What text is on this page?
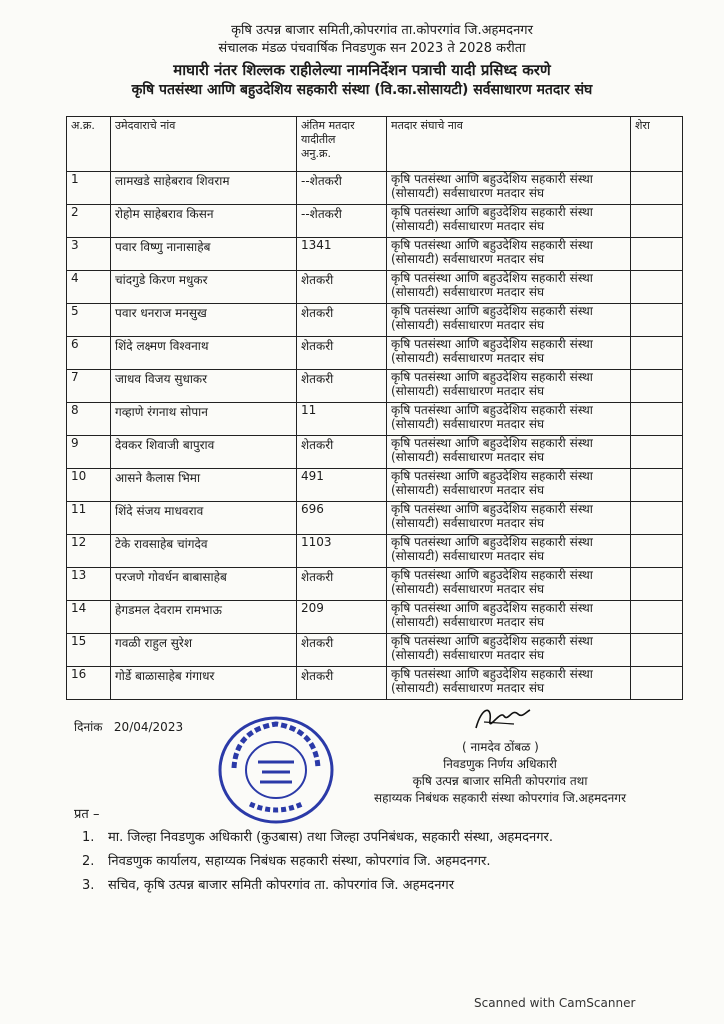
कृषि उत्पन्न बाजार समिती,कोपरगांव ता.कोपरगांव जि.अहमदनगर
संचालक मंडळ पंचवार्षिक निवडणुक सन 2023 ते 2028 करीता
माघारी नंतर शिल्लक राहीलेल्या नामनिर्देशन पत्राची यादी प्रसिध्द करणे
कृषि पतसंस्था आणि बहुउदेशिय सहकारी संस्था (वि.का.सोसायटी) सर्वसाधारण मतदार संघ
अ.क्र.	उमेदवाराचे नांव	अंतिम मतदार
यादीतील
अनु.क्र.	मतदार संघाचे नाव	शेरा
1	लामखडे साहेबराव शिवराम	--शेतकरी	कृषि पतसंस्था आणि बहुउदेशिय सहकारी संस्था
(सोसायटी) सर्वसाधारण मतदार संघ	

2	रोहोम साहेबराव किसन	--शेतकरी	कृषि पतसंस्था आणि बहुउदेशिय सहकारी संस्था
(सोसायटी) सर्वसाधारण मतदार संघ	

3	पवार विष्णु नानासाहेब	1341	कृषि पतसंस्था आणि बहुउदेशिय सहकारी संस्था
(सोसायटी) सर्वसाधारण मतदार संघ	

4	चांदगुडे किरण मधुकर	शेतकरी	कृषि पतसंस्था आणि बहुउदेशिय सहकारी संस्था
(सोसायटी) सर्वसाधारण मतदार संघ	

5	पवार धनराज मनसुख	शेतकरी	कृषि पतसंस्था आणि बहुउदेशिय सहकारी संस्था
(सोसायटी) सर्वसाधारण मतदार संघ	

6	शिंदे लक्ष्मण विश्वनाथ	शेतकरी	कृषि पतसंस्था आणि बहुउदेशिय सहकारी संस्था
(सोसायटी) सर्वसाधारण मतदार संघ	

7	जाधव विजय सुधाकर	शेतकरी	कृषि पतसंस्था आणि बहुउदेशिय सहकारी संस्था
(सोसायटी) सर्वसाधारण मतदार संघ	

8	गव्हाणे रंगनाथ सोपान	11	कृषि पतसंस्था आणि बहुउदेशिय सहकारी संस्था
(सोसायटी) सर्वसाधारण मतदार संघ	

9	देवकर शिवाजी बापुराव	शेतकरी	कृषि पतसंस्था आणि बहुउदेशिय सहकारी संस्था
(सोसायटी) सर्वसाधारण मतदार संघ	

10	आसने कैलास भिमा	491	कृषि पतसंस्था आणि बहुउदेशिय सहकारी संस्था
(सोसायटी) सर्वसाधारण मतदार संघ	

11	शिंदे संजय माधवराव	696	कृषि पतसंस्था आणि बहुउदेशिय सहकारी संस्था
(सोसायटी) सर्वसाधारण मतदार संघ	

12	टेके रावसाहेब चांगदेव	1103	कृषि पतसंस्था आणि बहुउदेशिय सहकारी संस्था
(सोसायटी) सर्वसाधारण मतदार संघ	

13	परजणे गोवर्धन बाबासाहेब	शेतकरी	कृषि पतसंस्था आणि बहुउदेशिय सहकारी संस्था
(सोसायटी) सर्वसाधारण मतदार संघ	

14	हेगडमल देवराम रामभाऊ	209	कृषि पतसंस्था आणि बहुउदेशिय सहकारी संस्था
(सोसायटी) सर्वसाधारण मतदार संघ	

15	गवळी राहुल सुरेश	शेतकरी	कृषि पतसंस्था आणि बहुउदेशिय सहकारी संस्था
(सोसायटी) सर्वसाधारण मतदार संघ	

16	गोर्डे बाळासाहेब गंगाधर	शेतकरी	कृषि पतसंस्था आणि बहुउदेशिय सहकारी संस्था
(सोसायटी) सर्वसाधारण मतदार संघ	

दिनांक 20/04/2023
( नामदेव ठोंबळ )
निवडणुक निर्णय अधिकारी
कृषि उत्पन्न बाजार समिती कोपरगांव तथा
सहाय्यक निबंधक सहकारी संस्था कोपरगांव जि.अहमदनगर
प्रत –
1. मा. जिल्हा निवडणुक अधिकारी (कुउबास) तथा जिल्हा उपनिबंधक, सहकारी संस्था, अहमदनगर.
2. निवडणुक कार्यालय, सहाय्यक निबंधक सहकारी संस्था, कोपरगांव जि. अहमदनगर.
3. सचिव, कृषि उत्पन्न बाजार समिती कोपरगांव ता. कोपरगांव जि. अहमदनगर
Scanned with CamScanner
